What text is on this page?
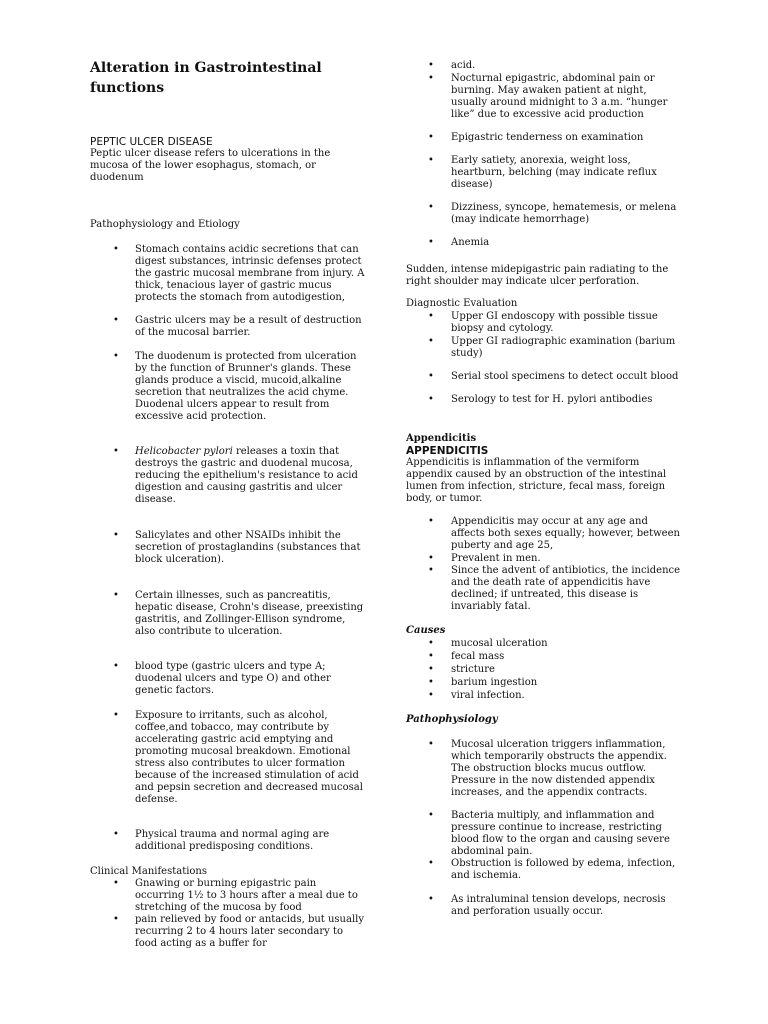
Alteration in Gastrointestinal functions
PEPTIC ULCER DISEASE
Peptic ulcer disease refers to ulcerations in the mucosa of the lower esophagus, stomach, or duodenum
Pathophysiology and Etiology
• Stomach contains acidic secretions that can digest substances, intrinsic defenses protect the gastric mucosal membrane from injury. A thick, tenacious layer of gastric mucus protects the stomach from autodigestion,
• Gastric ulcers may be a result of destruction of the mucosal barrier.
• The duodenum is protected from ulceration by the function of Brunner's glands. These glands produce a viscid, mucoid,alkaline secretion that neutralizes the acid chyme. Duodenal ulcers appear to result from excessive acid protection.
• Helicobacter pylori releases a toxin that destroys the gastric and duodenal mucosa, reducing the epithelium's resistance to acid digestion and causing gastritis and ulcer disease.
• Salicylates and other NSAIDs inhibit the secretion of prostaglandins (substances that block ulceration).
• Certain illnesses, such as pancreatitis, hepatic disease, Crohn's disease, preexisting gastritis, and Zollinger-Ellison syndrome, also contribute to ulceration.
• blood type (gastric ulcers and type A; duodenal ulcers and type O) and other genetic factors.
• Exposure to irritants, such as alcohol, coffee,and tobacco, may contribute by accelerating gastric acid emptying and promoting mucosal breakdown. Emotional stress also contributes to ulcer formation because of the increased stimulation of acid and pepsin secretion and decreased mucosal defense.
• Physical trauma and normal aging are additional predisposing conditions.
Clinical Manifestations
• Gnawing or burning epigastric pain occurring 1½ to 3 hours after a meal due to stretching of the mucosa by food
• pain relieved by food or antacids, but usually recurring 2 to 4 hours later secondary to food acting as a buffer for
• acid.
• Nocturnal epigastric, abdominal pain or burning. May awaken patient at night, usually around midnight to 3 a.m. “hunger like” due to excessive acid production
• Epigastric tenderness on examination
• Early satiety, anorexia, weight loss, heartburn, belching (may indicate reflux disease)
• Dizziness, syncope, hematemesis, or melena (may indicate hemorrhage)
• Anemia
Sudden, intense midepigastric pain radiating to the right shoulder may indicate ulcer perforation.
Diagnostic Evaluation
• Upper GI endoscopy with possible tissue biopsy and cytology.
• Upper GI radiographic examination (barium study)
• Serial stool specimens to detect occult blood
• Serology to test for H. pylori antibodies
Appendicitis
APPENDICITIS
Appendicitis is inflammation of the vermiform appendix caused by an obstruction of the intestinal lumen from infection, stricture, fecal mass, foreign body, or tumor.
• Appendicitis may occur at any age and affects both sexes equally; however, between puberty and age 25,
• Prevalent in men.
• Since the advent of antibiotics, the incidence and the death rate of appendicitis have declined; if untreated, this disease is invariably fatal.
Causes
• mucosal ulceration
• fecal mass
• stricture
• barium ingestion
• viral infection.
Pathophysiology
• Mucosal ulceration triggers inflammation, which temporarily obstructs the appendix. The obstruction blocks mucus outflow. Pressure in the now distended appendix increases, and the appendix contracts.
• Bacteria multiply, and inflammation and pressure continue to increase, restricting blood flow to the organ and causing severe abdominal pain.
• Obstruction is followed by edema, infection, and ischemia.
• As intraluminal tension develops, necrosis and perforation usually occur.
